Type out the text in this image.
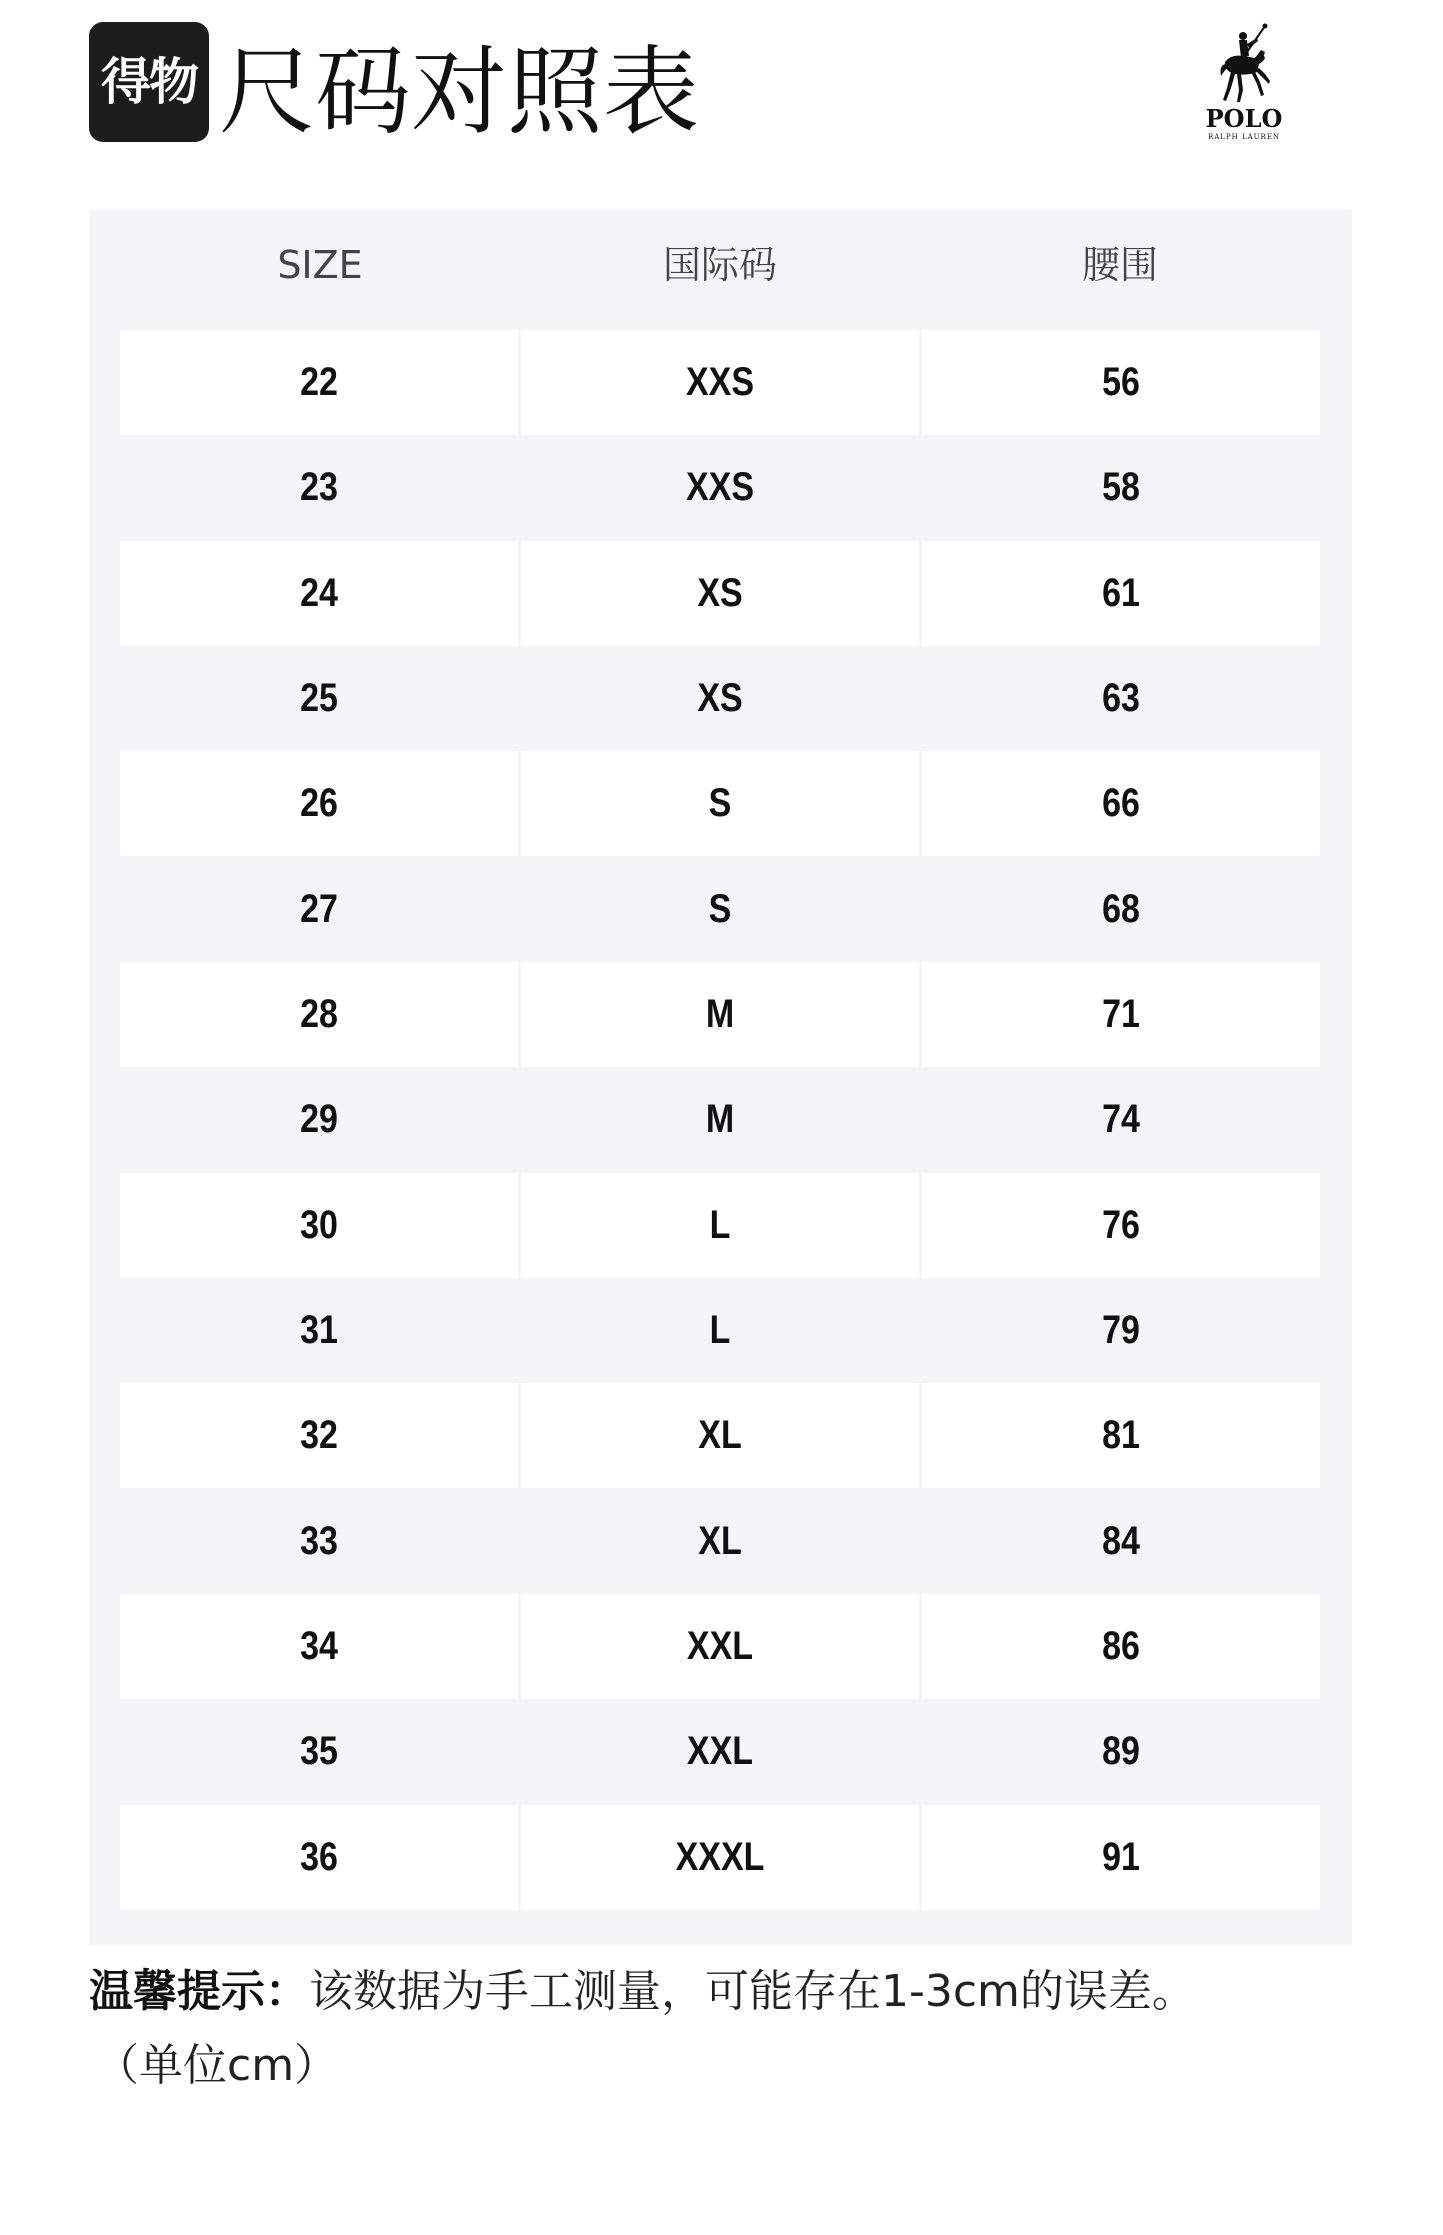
得物 尺码对照表	POLO
RALPH LAUREN
SIZE	国际码	腰围
22	XXS	56
23	XXS	58
24	XS	61
25	XS	63
26	S	66
27	S	68
28	M	71
29	M	74
30	L	76
31	L	79
32	XL	81
33	XL	84
34	XXL	86
35	XXL	89
36	XXXL	91
温馨提示：该数据为手工测量，可能存在1-3cm的误差。
（单位cm）
